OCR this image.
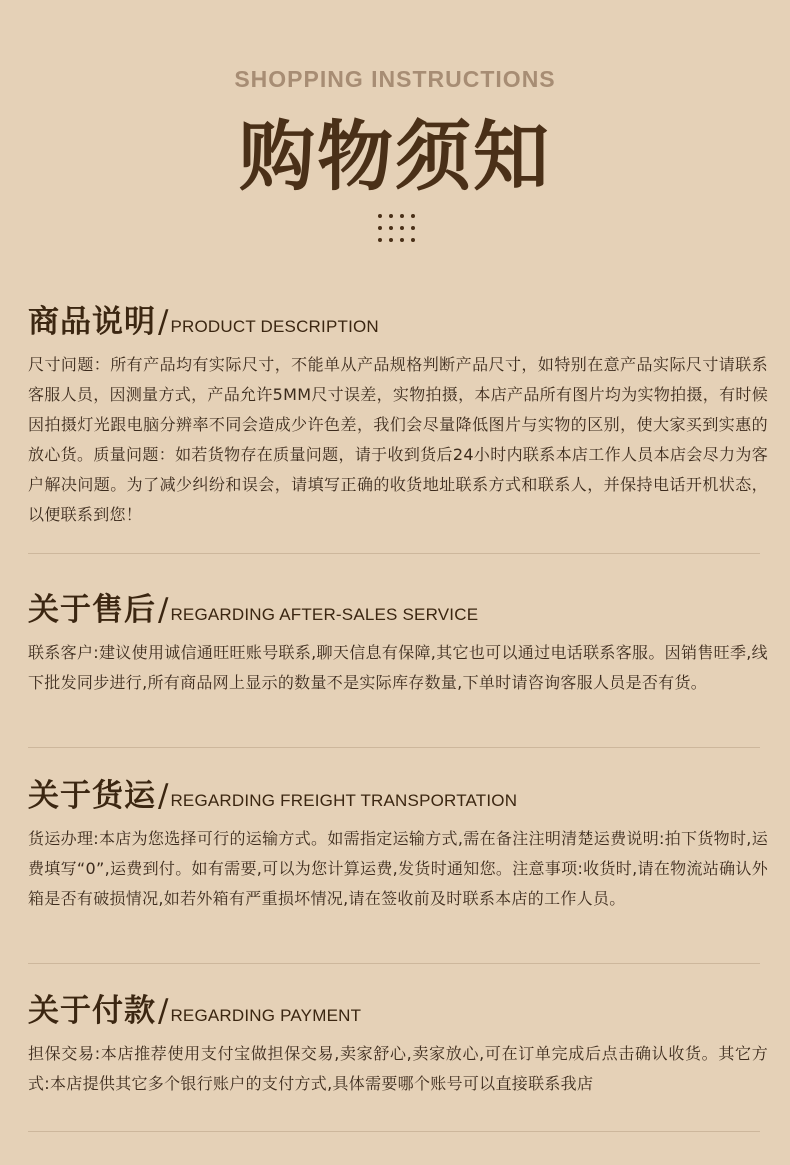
SHOPPING INSTRUCTIONS
购物须知
商品说明 / PRODUCT DESCRIPTION
尺寸问题：所有产品均有实际尺寸，不能单从产品规格判断产品尺寸，如特别在意产品实际尺寸请联系客服人员，因测量方式，产品允许5MM尺寸误差，实物拍摄，本店产品所有图片均为实物拍摄，有时候因拍摄灯光跟电脑分辨率不同会造成少许色差，我们会尽量降低图片与实物的区别，使大家买到实惠的放心货。质量问题：如若货物存在质量问题，请于收到货后24小时内联系本店工作人员本店会尽力为客户解决问题。为了减少纠纷和误会，请填写正确的收货地址联系方式和联系人，并保持电话开机状态，以便联系到您！
关于售后 / REGARDING AFTER-SALES SERVICE
联系客户:建议使用诚信通旺旺账号联系,聊天信息有保障,其它也可以通过电话联系客服。因销售旺季,线下批发同步进行,所有商品网上显示的数量不是实际库存数量,下单时请咨询客服人员是否有货。
关于货运 / REGARDING FREIGHT TRANSPORTATION
货运办理:本店为您选择可行的运输方式。如需指定运输方式,需在备注注明清楚运费说明:拍下货物时,运费填写“0”,运费到付。如有需要,可以为您计算运费,发货时通知您。注意事项:收货时,请在物流站确认外箱是否有破损情况,如若外箱有严重损坏情况,请在签收前及时联系本店的工作人员。
关于付款 / REGARDING PAYMENT
担保交易:本店推荐使用支付宝做担保交易,卖家舒心,卖家放心,可在订单完成后点击确认收货。其它方式:本店提供其它多个银行账户的支付方式,具体需要哪个账号可以直接联系我店
